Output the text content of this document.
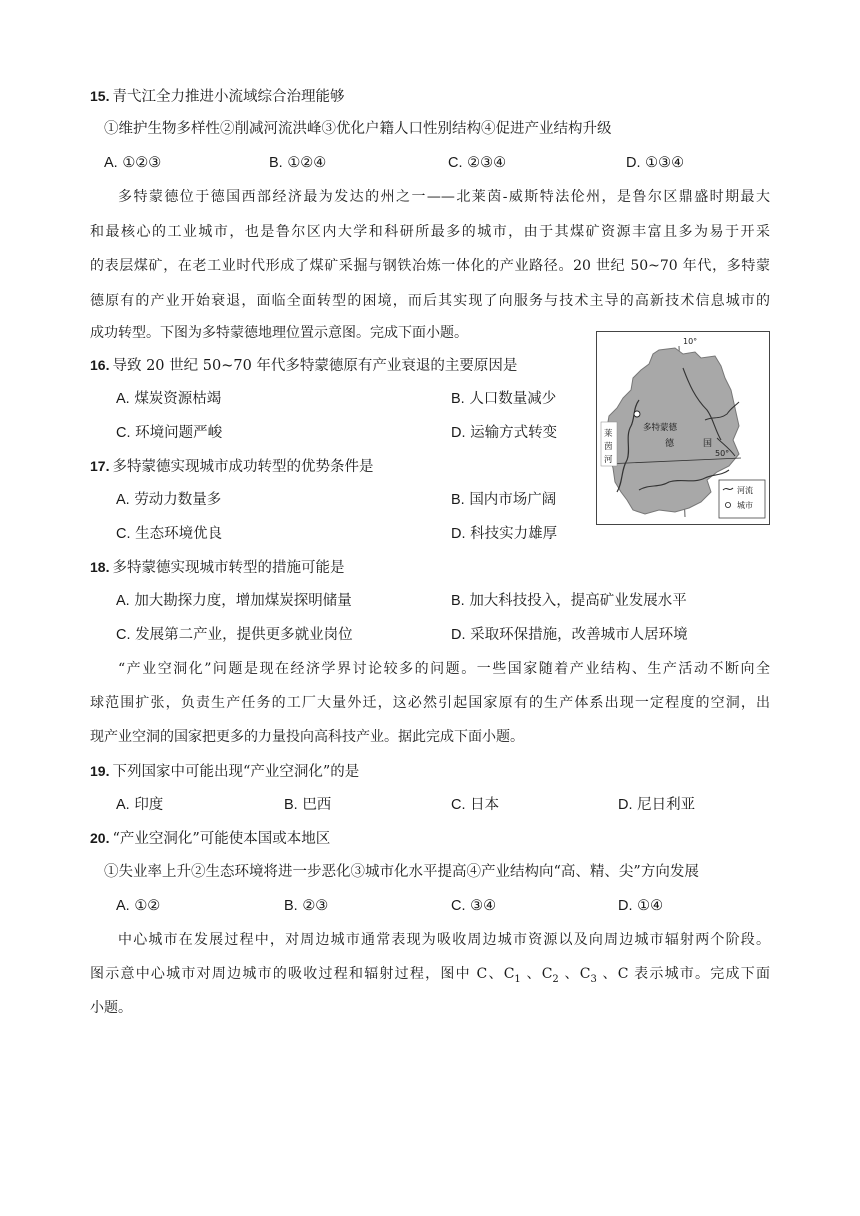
15. 青弋江全力推进小流域综合治理能够
①维护生物多样性②削减河流洪峰③优化户籍人口性别结构④促进产业结构升级
A. ①②③	B. ①②④	C. ②③④	D. ①③④
多特蒙德位于德国西部经济最为发达的州之一——北莱茵-威斯特法伦州，是鲁尔区鼎盛时期最大
和最核心的工业城市，也是鲁尔区内大学和科研所最多的城市，由于其煤矿资源丰富且多为易于开采
的表层煤矿，在老工业时代形成了煤矿采掘与钢铁冶炼一体化的产业路径。20 世纪 50~70 年代，多特蒙
德原有的产业开始衰退，面临全面转型的困境，而后其实现了向服务与技术主导的高新技术信息城市的
成功转型。下图为多特蒙德地理位置示意图。完成下面小题。
10°
50°
多特蒙德
德	国
莱
茵
河
河流
城市
16. 导致 20 世纪 50~70 年代多特蒙德原有产业衰退的主要原因是
A. 煤炭资源枯竭	B. 人口数量减少
C. 环境问题严峻	D. 运输方式转变
17. 多特蒙德实现城市成功转型的优势条件是
A. 劳动力数量多	B. 国内市场广阔
C. 生态环境优良	D. 科技实力雄厚
18. 多特蒙德实现城市转型的措施可能是
A. 加大勘探力度，增加煤炭探明储量	B. 加大科技投入，提高矿业发展水平
C. 发展第二产业，提供更多就业岗位	D. 采取环保措施，改善城市人居环境
“产业空洞化”问题是现在经济学界讨论较多的问题。一些国家随着产业结构、生产活动不断向全
球范围扩张，负责生产任务的工厂大量外迁，这必然引起国家原有的生产体系出现一定程度的空洞，出
现产业空洞的国家把更多的力量投向高科技产业。据此完成下面小题。
19. 下列国家中可能出现“产业空洞化”的是
A. 印度	B. 巴西	C. 日本	D. 尼日利亚
20. “产业空洞化”可能使本国或本地区
①失业率上升②生态环境将进一步恶化③城市化水平提高④产业结构向“高、精、尖”方向发展
A. ①②	B. ②③	C. ③④	D. ①④
中心城市在发展过程中，对周边城市通常表现为吸收周边城市资源以及向周边城市辐射两个阶段。
图示意中心城市对周边城市的吸收过程和辐射过程，图中 C、$C_1$ 、$C_2$ 、$C_3$ 、C 表示城市。完成下面
小题。
